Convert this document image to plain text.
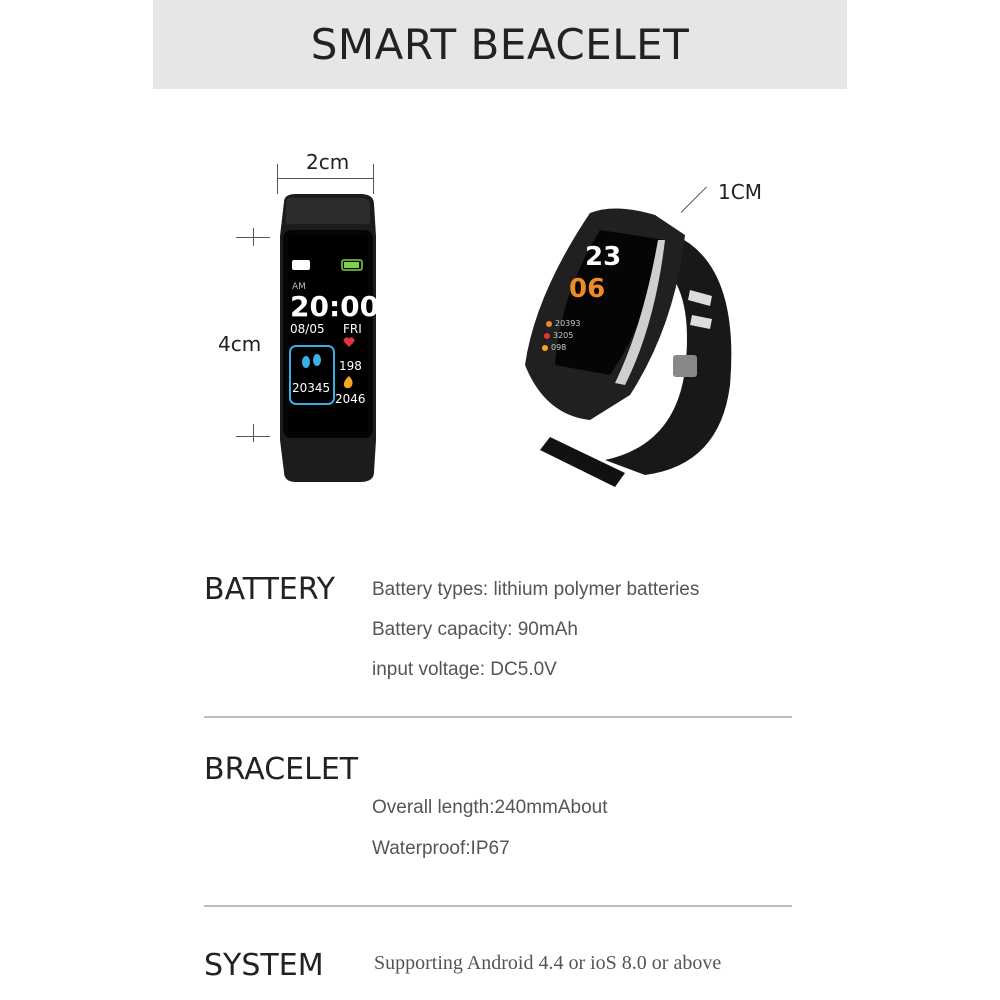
SMART BEACELET
2cm
4cm
AM
20:00
08/05 FRI
20345
198
2046
1CM
23
06
20393
3205
098
BATTERY Battery types: lithium polymer batteries
Battery capacity: 90mAh
input voltage: DC5.0V
BRACELET
Overall length:240mmAbout
Waterproof:IP67
SYSTEM	Supporting Android 4.4 or ioS 8.0 or above
